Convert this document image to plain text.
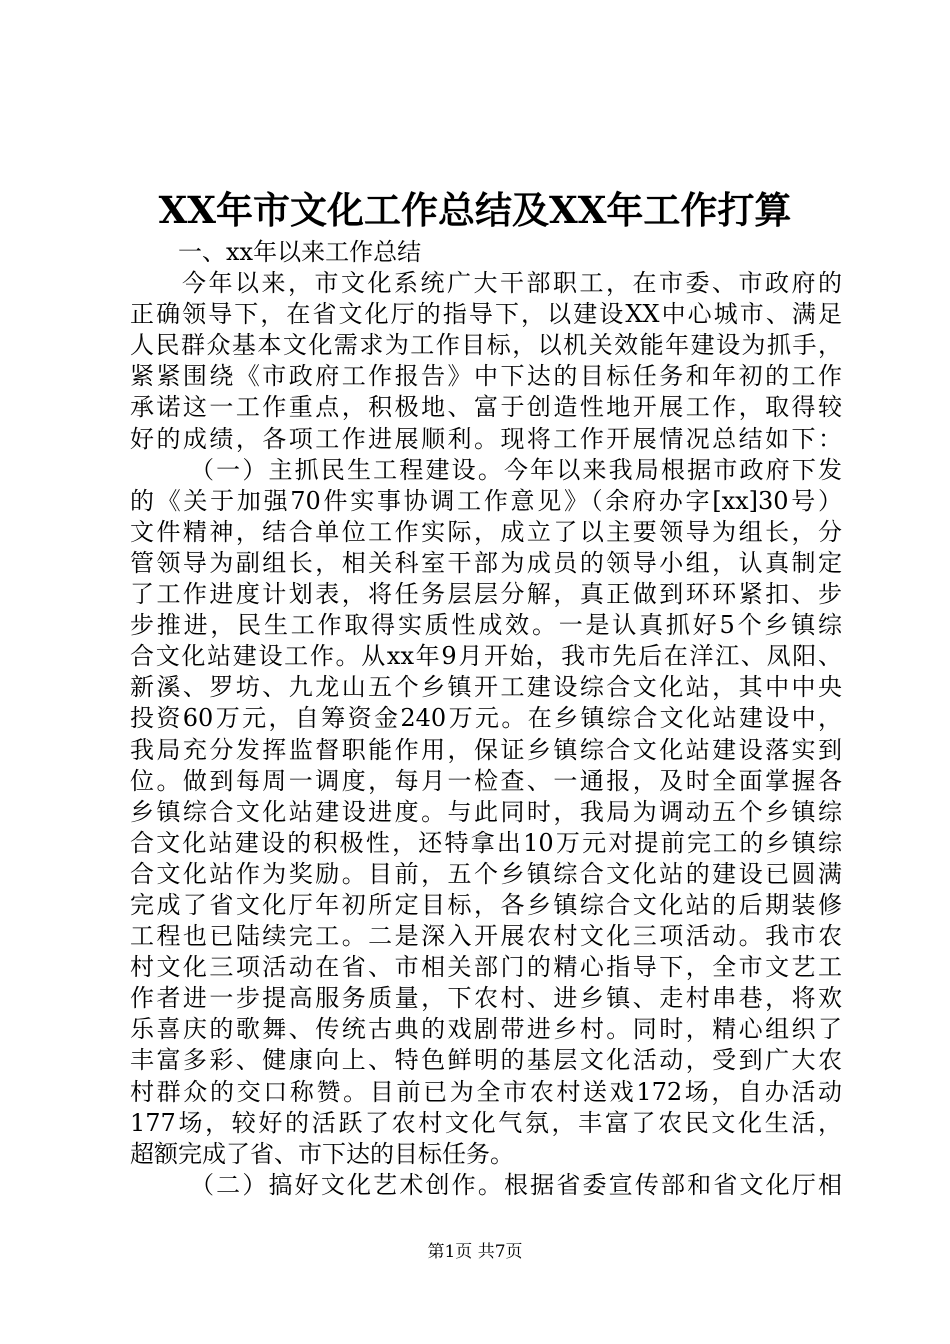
XX年市文化工作总结及XX年工作打算
一、xx年以来工作总结
今年以来，市文化系统广大干部职工，在市委、市政府的
正确领导下，在省文化厅的指导下，以建设XX中心城市、满足
人民群众基本文化需求为工作目标，以机关效能年建设为抓手，
紧紧围绕《市政府工作报告》中下达的目标任务和年初的工作
承诺这一工作重点，积极地、富于创造性地开展工作，取得较
好的成绩，各项工作进展顺利。现将工作开展情况总结如下：
（一）主抓民生工程建设。今年以来我局根据市政府下发
的《关于加强70件实事协调工作意见》（余府办字[xx]30号）
文件精神，结合单位工作实际，成立了以主要领导为组长，分
管领导为副组长，相关科室干部为成员的领导小组，认真制定
了工作进度计划表，将任务层层分解，真正做到环环紧扣、步
步推进，民生工作取得实质性成效。一是认真抓好5个乡镇综
合文化站建设工作。从xx年9月开始，我市先后在洋江、凤阳、
新溪、罗坊、九龙山五个乡镇开工建设综合文化站，其中中央
投资60万元，自筹资金240万元。在乡镇综合文化站建设中，
我局充分发挥监督职能作用，保证乡镇综合文化站建设落实到
位。做到每周一调度，每月一检查、一通报，及时全面掌握各
乡镇综合文化站建设进度。与此同时，我局为调动五个乡镇综
合文化站建设的积极性，还特拿出10万元对提前完工的乡镇综
合文化站作为奖励。目前，五个乡镇综合文化站的建设已圆满
完成了省文化厅年初所定目标，各乡镇综合文化站的后期装修
工程也已陆续完工。二是深入开展农村文化三项活动。我市农
村文化三项活动在省、市相关部门的精心指导下，全市文艺工
作者进一步提高服务质量，下农村、进乡镇、走村串巷，将欢
乐喜庆的歌舞、传统古典的戏剧带进乡村。同时，精心组织了
丰富多彩、健康向上、特色鲜明的基层文化活动，受到广大农
村群众的交口称赞。目前已为全市农村送戏172场，自办活动
177场，较好的活跃了农村文化气氛，丰富了农民文化生活，
超额完成了省、市下达的目标任务。
（二）搞好文化艺术创作。根据省委宣传部和省文化厅相
第1页 共7页
